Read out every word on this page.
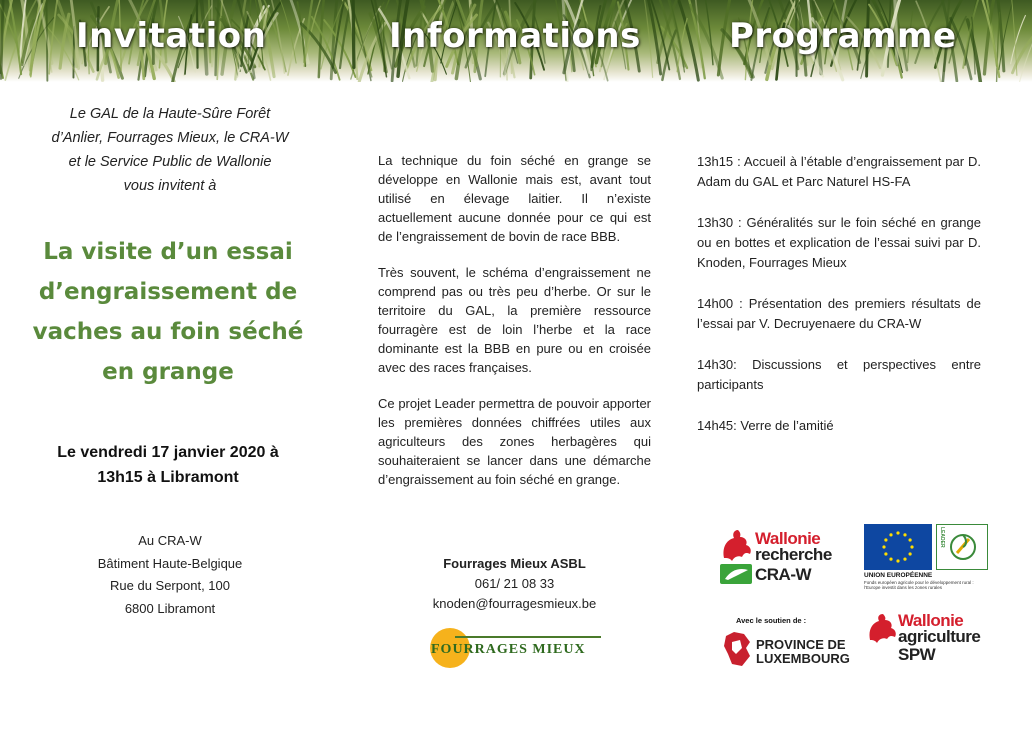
Invitation	Informations	Programme
Le GAL de la Haute-Sûre Forêt
d’Anlier, Fourrages Mieux, le CRA-W
et le Service Public de Wallonie
vous invitent à
La visite d’un essai
d’engraissement de
vaches au foin séché
en grange
Le vendredi 17 janvier 2020 à
13h15 à Libramont
Au CRA-W
Bâtiment Haute-Belgique
Rue du Serpont, 100
6800 Libramont

La technique du foin séché en grange se développe en Wallonie mais est, avant tout utilisé en élevage laitier. Il n’existe actuellement aucune donnée pour ce qui est de l’engraissement de bovin de race BBB.

Très souvent, le schéma d’engraissement ne comprend pas ou très peu d’herbe. Or sur le territoire du GAL, la première ressource fourragère est de loin l’herbe et la race dominante est la BBB en pure ou en croisée avec des races françaises.

Ce projet Leader permettra de pouvoir apporter les premières données chiffrées utiles aux agriculteurs des zones herbagères qui souhaiteraient se lancer dans une démarche d’engraissement au foin séché en grange.

Fourrages Mieux ASBL
061/ 21 08 33
knoden@fourragesmieux.be
FOURRAGES MIEUX

13h15 : Accueil à l’étable d’engraissement par D. Adam du GAL et Parc Naturel HS-FA

13h30 : Généralités sur le foin séché en grange ou en bottes et explication de l’essai suivi par D. Knoden, Fourrages Mieux

14h00 : Présentation des premiers résultats de l’essai par V. Decruyenaere du CRA-W

14h30: Discussions et perspectives entre participants

14h45: Verre de l’amitié

Wallonie
recherche
CRA-W
LEADER
UNION EUROPÉENNE
Fonds européen agricole pour le développement rural :
l’Europe investit dans les zones rurales
Avec le soutien de :
PROVINCE DE
LUXEMBOURG
Wallonie
agriculture
SPW
